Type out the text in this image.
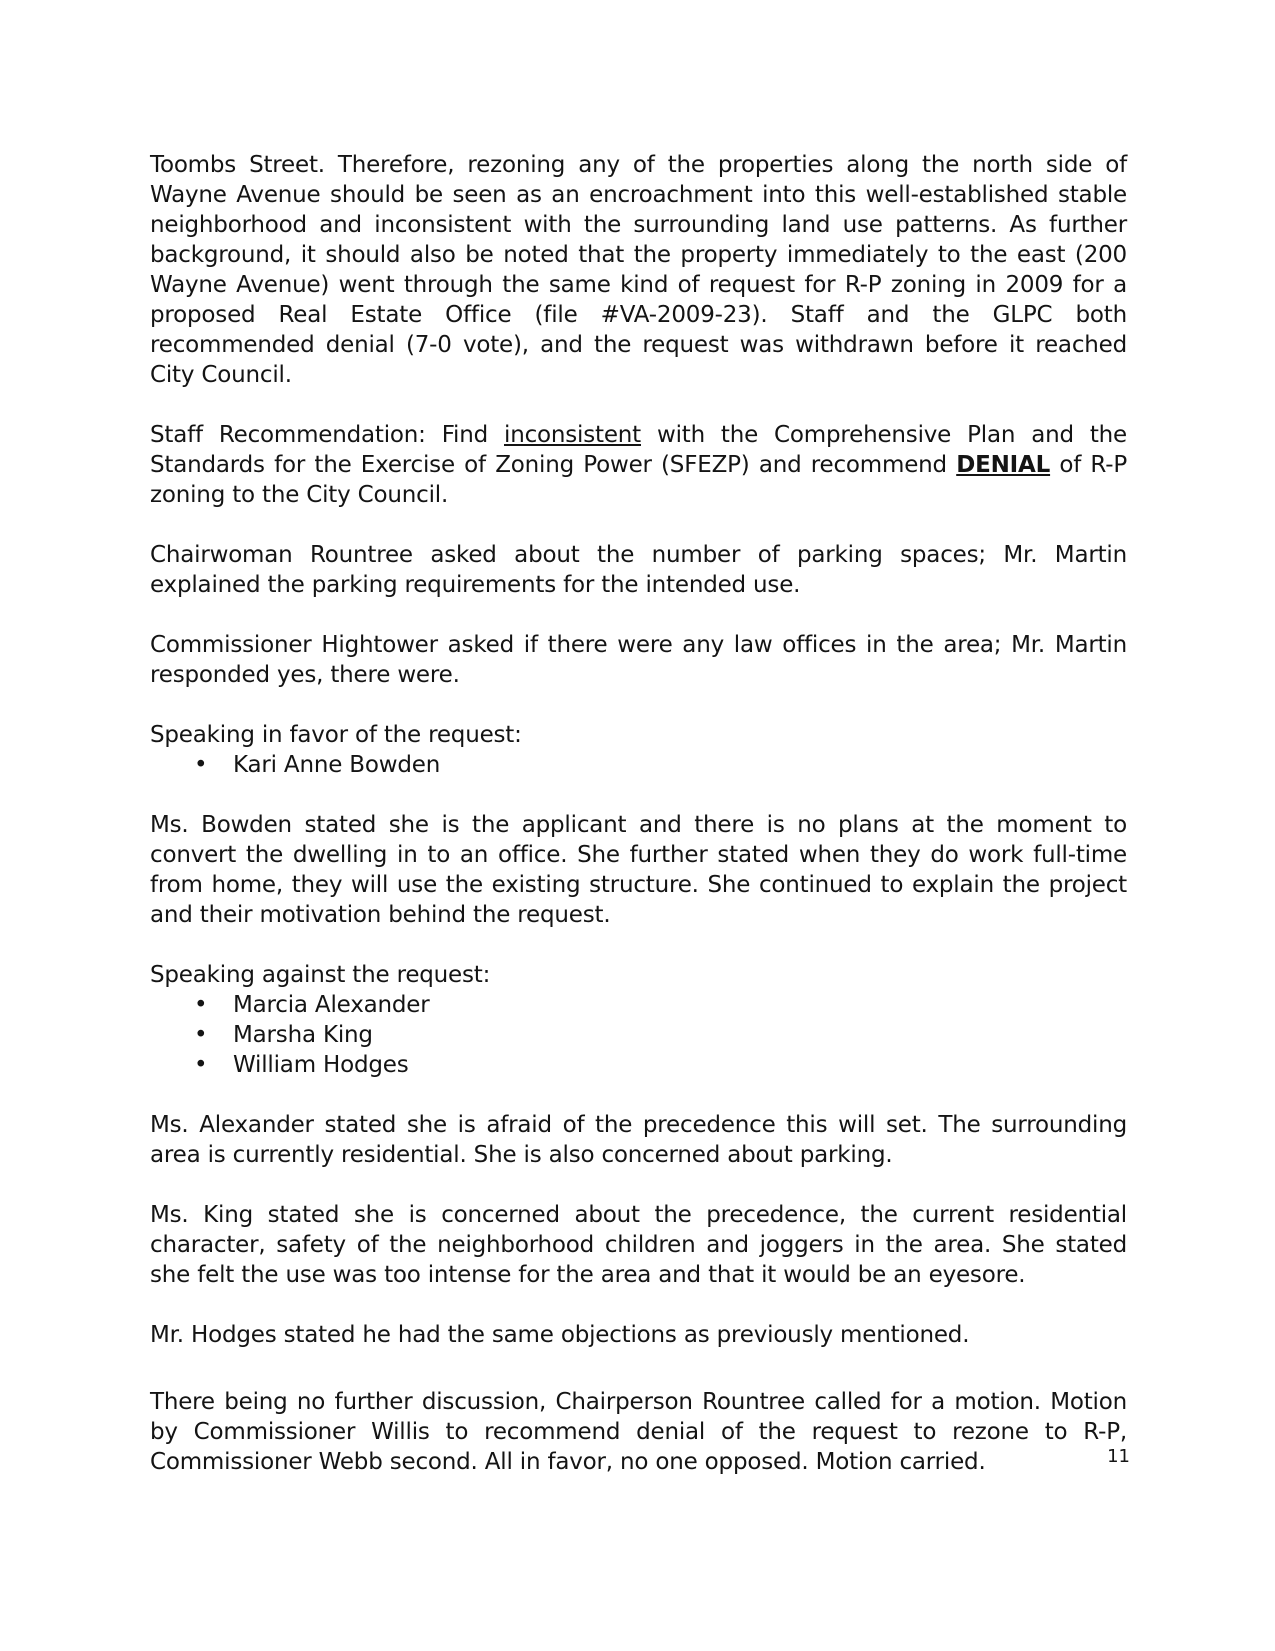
Toombs Street. Therefore, rezoning any of the properties along the north side of Wayne Avenue should be seen as an encroachment into this well-established stable neighborhood and inconsistent with the surrounding land use patterns. As further background, it should also be noted that the property immediately to the east (200 Wayne Avenue) went through the same kind of request for R-P zoning in 2009 for a proposed Real Estate Office (file #VA-2009-23). Staff and the GLPC both recommended denial (7-0 vote), and the request was withdrawn before it reached City Council.

Staff Recommendation: Find inconsistent with the Comprehensive Plan and the Standards for the Exercise of Zoning Power (SFEZP) and recommend DENIAL of R-P zoning to the City Council.

Chairwoman Rountree asked about the number of parking spaces; Mr. Martin explained the parking requirements for the intended use.

Commissioner Hightower asked if there were any law offices in the area; Mr. Martin responded yes, there were.

Speaking in favor of the request:

• Kari Anne Bowden

Ms. Bowden stated she is the applicant and there is no plans at the moment to convert the dwelling in to an office. She further stated when they do work full-time from home, they will use the existing structure. She continued to explain the project and their motivation behind the request.

Speaking against the request:

• Marcia Alexander
• Marsha King
• William Hodges

Ms. Alexander stated she is afraid of the precedence this will set. The surrounding area is currently residential. She is also concerned about parking.

Ms. King stated she is concerned about the precedence, the current residential character, safety of the neighborhood children and joggers in the area. She stated she felt the use was too intense for the area and that it would be an eyesore.

Mr. Hodges stated he had the same objections as previously mentioned.

There being no further discussion, Chairperson Rountree called for a motion. Motion by Commissioner Willis to recommend denial of the request to rezone to R-P, Commissioner Webb second. All in favor, no one opposed. Motion carried.	11
